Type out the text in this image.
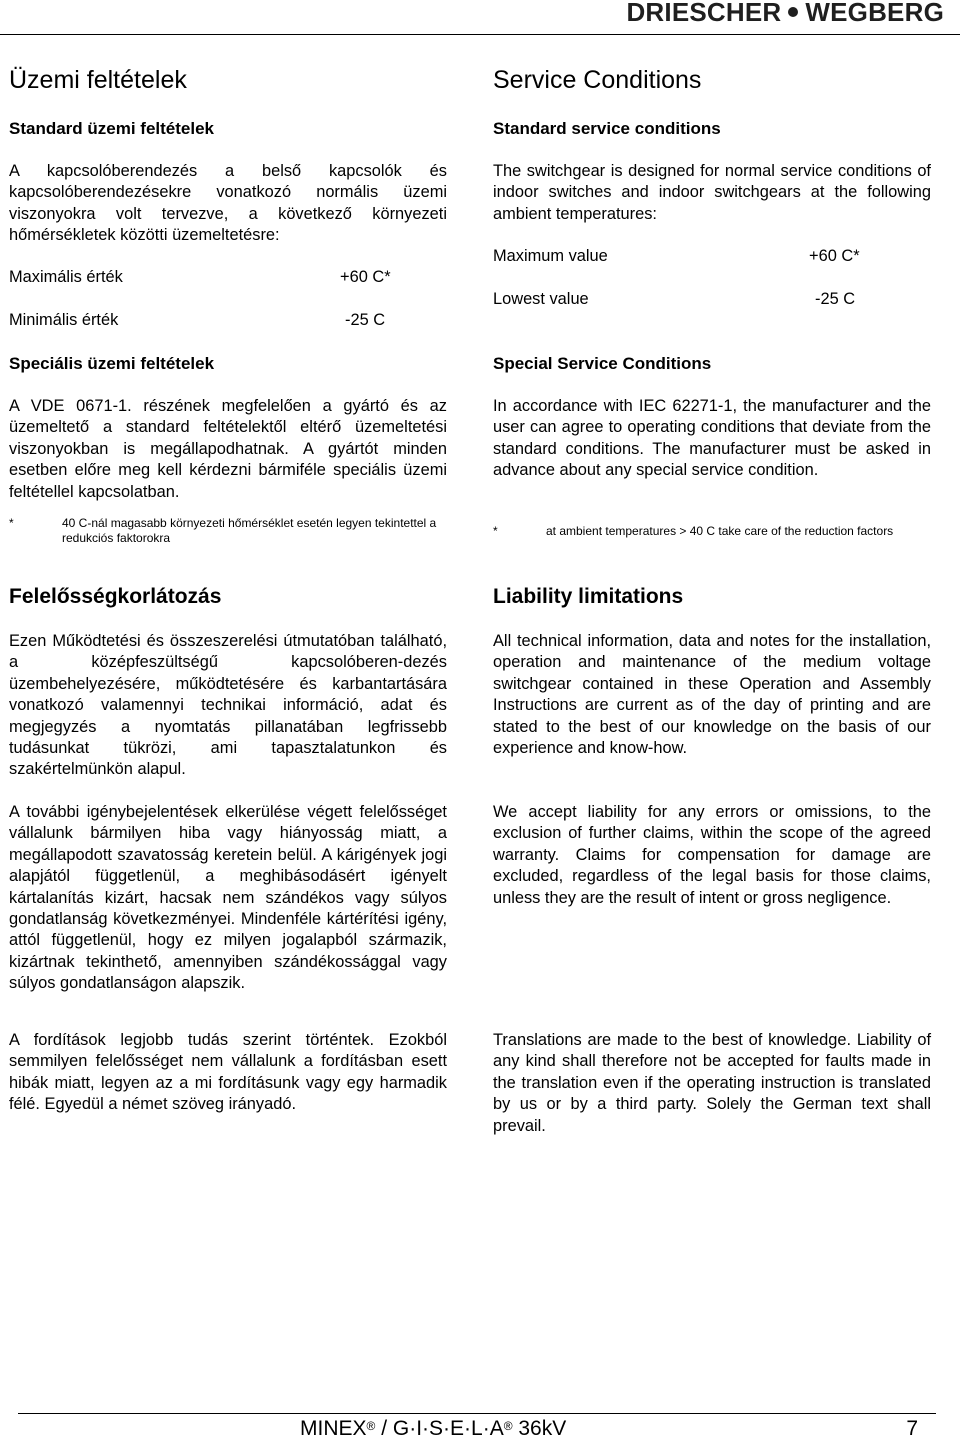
DRIESCHER WEGBERG
Üzemi feltételek
Standard üzemi feltételek

A kapcsolóberendezés a belső kapcsolók és kapcsolóberendezésekre vonatkozó normális üzemi viszonyokra volt tervezve, a következő környezeti hőmérsékletek közötti üzemeltetésre:

Maximális érték	+60 C*
Minimális érték	-25 C
Speciális üzemi feltételek

A VDE 0671-1. részének megfelelően a gyártó és az üzemeltető a standard feltételektől eltérő üzemeltetési viszonyokban is megállapodhatnak. A gyártót minden esetben előre meg kell kérdezni bármiféle speciális üzemi feltétellel kapcsolatban.

*	40 C-nál magasabb környezeti hőmérséklet esetén legyen tekintettel a redukciós faktorokra
Felelősségkorlátozás

Ezen Működtetési és összeszerelési útmutatóban található, a középfeszültségű kapcsolóberen-dezés üzembehelyezésére, működtetésére és karbantartására vonatkozó valamennyi technikai információ, adat és megjegyzés a nyomtatás pillanatában legfrissebb tudásunkat tükrözi, ami tapasztalatunkon és szakértelmünkön alapul.

A további igénybejelentések elkerülése végett felelősséget vállalunk bármilyen hiba vagy hiányosság miatt, a megállapodott szavatosság keretein belül. A kárigények jogi alapjától függetlenül, a meghibásodásért igényelt kártalanítás kizárt, hacsak nem szándékos vagy súlyos gondatlanság következményei. Mindenféle kártérítési igény, attól függetlenül, hogy ez milyen jogalapból származik, kizártnak tekinthető, amennyiben szándékossággal vagy súlyos gondatlanságon alapszik.

A fordítások legjobb tudás szerint történtek. Ezokból semmilyen felelősséget nem vállalunk a fordításban esett hibák miatt, legyen az a mi fordításunk vagy egy harmadik félé. Egyedül a német szöveg irányadó.

Service Conditions
Standard service conditions

The switchgear is designed for normal service conditions of indoor switches and indoor switchgears at the following ambient temperatures:

Maximum value	+60 C*
Lowest value	-25 C
Special Service Conditions

In accordance with IEC 62271-1, the manufacturer and the user can agree to operating conditions that deviate from the standard conditions. The manufacturer must be asked in advance about any special service condition.

*	at ambient temperatures > 40 C take care of the reduction factors
Liability limitations

All technical information, data and notes for the installation, operation and maintenance of the medium voltage switchgear contained in these Operation and Assembly Instructions are current as of the day of printing and are stated to the best of our knowledge on the basis of our experience and know-how.

We accept liability for any errors or omissions, to the exclusion of further claims, within the scope of the agreed warranty. Claims for compensation for damage are excluded, regardless of the legal basis for those claims, unless they are the result of intent or gross negligence.

Translations are made to the best of knowledge. Liability of any kind shall therefore not be accepted for faults made in the translation even if the operating instruction is translated by us or by a third party. Solely the German text shall prevail.

MINEX® / G·I·S·E·L·A® 36kV	7
